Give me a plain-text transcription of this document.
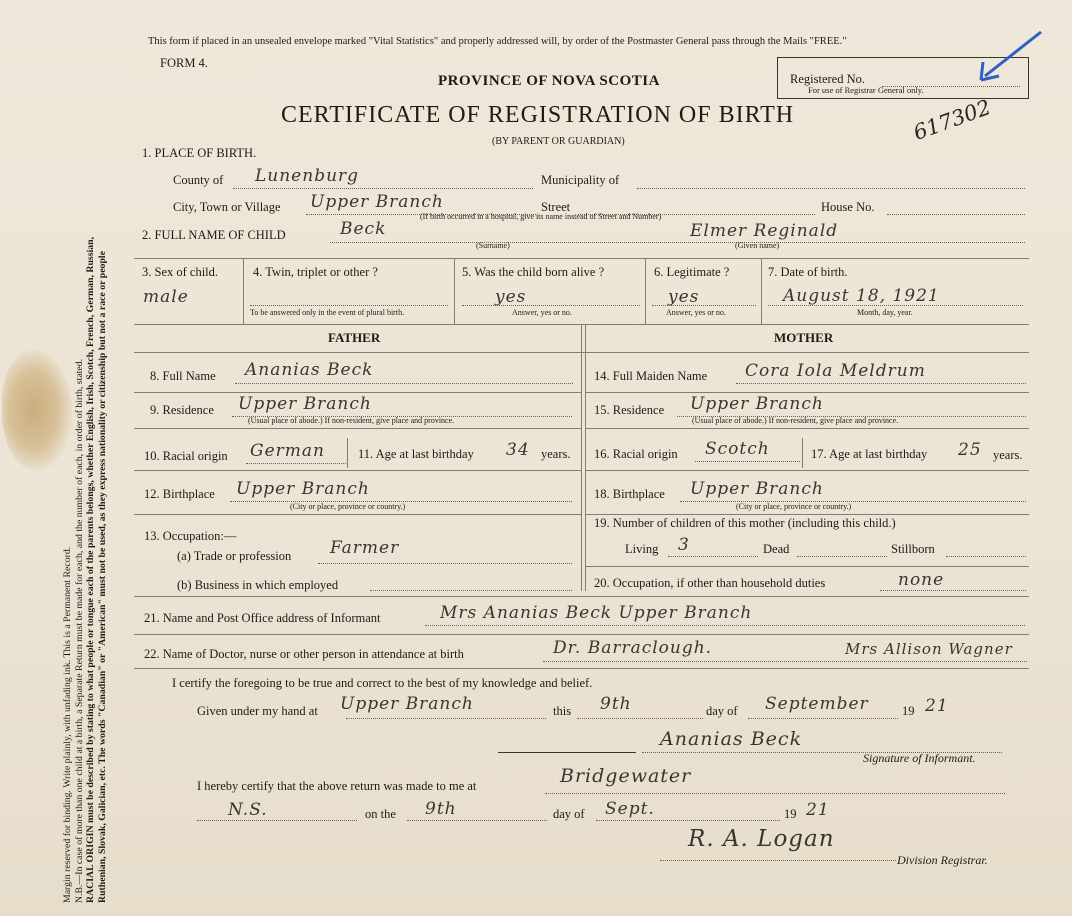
Margin reserved for binding. Write plainly, with unfading ink. This is a Permanent Record. N.B.—In case of more than one child at a birth, a Separate Return must be made for each, and the number of each, in order of birth, stated. RACIAL ORIGIN must be described by stating to what people or tongue each of the parents belongs, whether English, Irish, Scotch, French, German, Russian, Ruthenian, Slovak, Galician, etc. The words "Canadian" or "American" must not be used, as they express nationality or citizenship but not a race or people
This form if placed in an unsealed envelope marked "Vital Statistics" and properly addressed will, by order of the Postmaster General pass through the Mails "FREE."
FORM 4.
PROVINCE OF NOVA SCOTIA
CERTIFICATE OF REGISTRATION OF BIRTH
(BY PARENT OR GUARDIAN)
Registered No.
For use of Registrar General only.
617302
1. PLACE OF BIRTH.
County of Lunenburg	Municipality of
City, Town or Village Upper Branch	Street	House No.
(If birth occurred in a hospital, give its name instead of Street and Number)
2. FULL NAME OF CHILD	Beck
(Surname)
Elmer Reginald
(Given name)
3. Sex of child.
male
4. Twin, triplet or other ?
To be answered only in the event of plural birth.
5. Was the child born alive ?
yes
Answer, yes or no.
6. Legitimate ?
yes
Answer, yes or no.
7. Date of birth.
August 18, 1921
Month, day, year.
FATHER	MOTHER
8. Full Name Ananias Beck
9. Residence Upper Branch
(Usual place of abode.) If non-resident, give place and province.
10. Racial origin German	11. Age at last birthday 34 years.
12. Birthplace Upper Branch
(City or place, province or country.)
13. Occupation:—
(a) Trade or profession Farmer
(b) Business in which employed
14. Full Maiden Name Cora Iola Meldrum
15. Residence Upper Branch
(Usual place of abode.) If non-resident, give place and province.
16. Racial origin Scotch	17. Age at last birthday 25 years.
18. Birthplace Upper Branch
(City or place, province or country.)
19. Number of children of this mother (including this child.)
Living 3	Dead	Stillborn
20. Occupation, if other than household duties	none
21. Name and Post Office address of Informant	Mrs Ananias Beck Upper Branch
22. Name of Doctor, nurse or other person in attendance at birth	Dr. Barraclough.	Mrs Allison Wagner
I certify the foregoing to be true and correct to the best of my knowledge and belief.
Given under my hand at Upper Branch	this 9th	day of September	19 21
Ananias Beck
Signature of Informant.
I hereby certify that the above return was made to me at	Bridgewater
N.S.	on the 9th	day of Sept.	19 21
R. A. Logan
Division Registrar.
